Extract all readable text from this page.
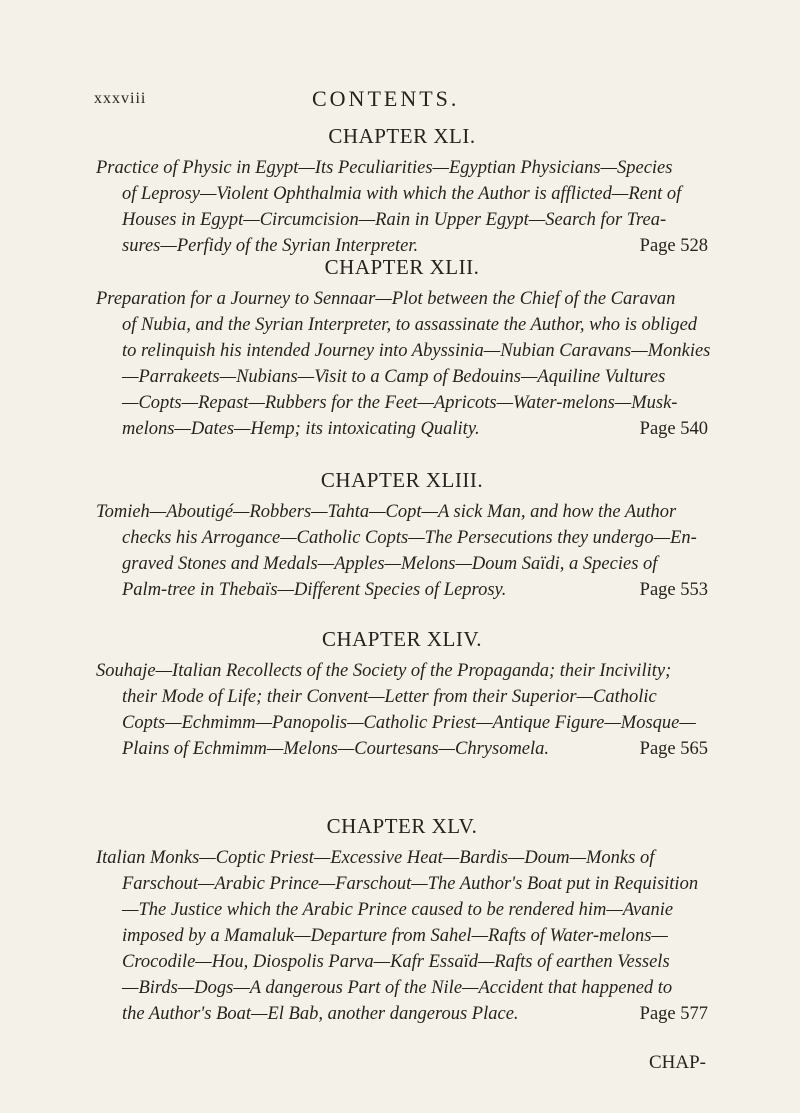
xxxviii	CONTENTS.
CHAPTER XLI.
Practice of Physic in Egypt—Its Peculiarities—Egyptian Physicians—Species
of Leprosy—Violent Ophthalmia with which the Author is afflicted—Rent of
Houses in Egypt—Circumcision—Rain in Upper Egypt—Search for Trea-
sures—Perfidy of the Syrian Interpreter.	Page 528
CHAPTER XLII.
Preparation for a Journey to Sennaar—Plot between the Chief of the Caravan
of Nubia, and the Syrian Interpreter, to assassinate the Author, who is obliged
to relinquish his intended Journey into Abyssinia—Nubian Caravans—Monkies
—Parrakeets—Nubians—Visit to a Camp of Bedouins—Aquiline Vultures
—Copts—Repast—Rubbers for the Feet—Apricots—Water-melons—Musk-
melons—Dates—Hemp; its intoxicating Quality.	Page 540
CHAPTER XLIII.
Tomieh—Aboutigé—Robbers—Tahta—Copt—A sick Man, and how the Author
checks his Arrogance—Catholic Copts—The Persecutions they undergo—En-
graved Stones and Medals—Apples—Melons—Doum Saïdi, a Species of
Palm-tree in Thebaïs—Different Species of Leprosy.	Page 553
CHAPTER XLIV.
Souhaje—Italian Recollects of the Society of the Propaganda; their Incivility;
their Mode of Life; their Convent—Letter from their Superior—Catholic
Copts—Echmimm—Panopolis—Catholic Priest—Antique Figure—Mosque—
Plains of Echmimm—Melons—Courtesans—Chrysomela.	Page 565
CHAPTER XLV.
Italian Monks—Coptic Priest—Excessive Heat—Bardis—Doum—Monks of
Farschout—Arabic Prince—Farschout—The Author's Boat put in Requisition
—The Justice which the Arabic Prince caused to be rendered him—Avanie
imposed by a Mamaluk—Departure from Sahel—Rafts of Water-melons—
Crocodile—Hou, Diospolis Parva—Kafr Essaïd—Rafts of earthen Vessels
—Birds—Dogs—A dangerous Part of the Nile—Accident that happened to
the Author's Boat—El Bab, another dangerous Place.	Page 577
CHAP-
